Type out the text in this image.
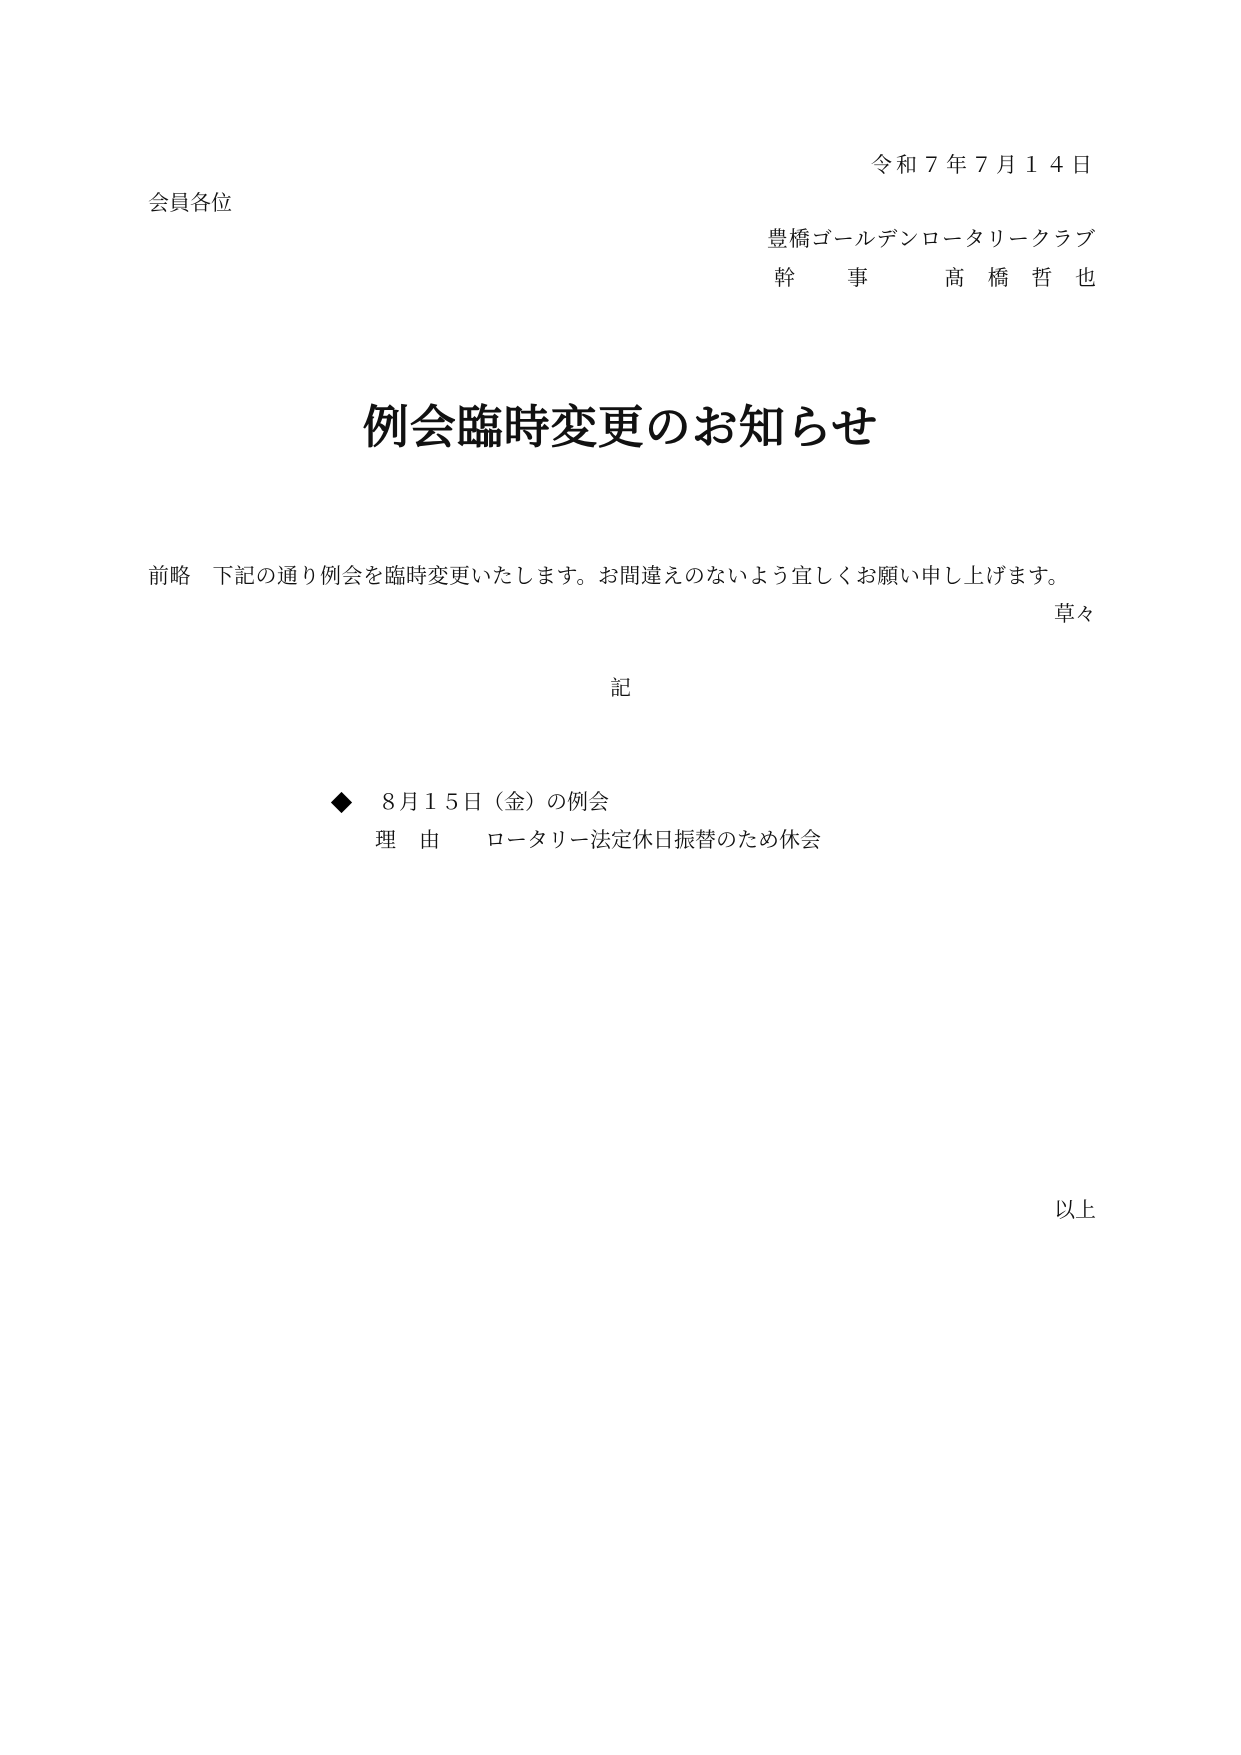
令和７年７月１４日
会員各位
豊橋ゴールデンロータリークラブ
幹 事	髙 橋 哲 也
例会臨時変更のお知らせ
前略　下記の通り例会を臨時変更いたします。お間違えのないよう宜しくお願い申し上げます。
草々
記
８月１５日（金）の例会
理 由	ロータリー法定休日振替のため休会
以上
